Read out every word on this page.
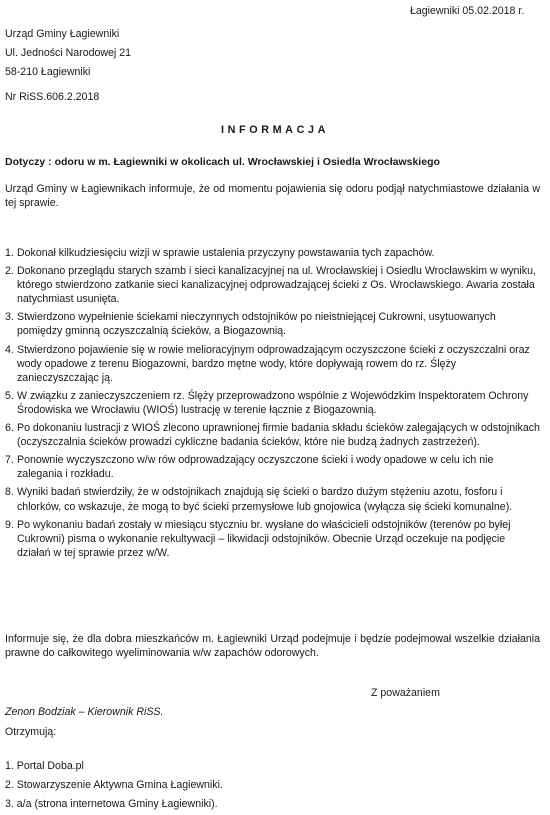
Łagiewniki 05.02.2018 r.
Urząd Gminy Łagiewniki
Ul. Jedności Narodowej 21
58-210 Łagiewniki
Nr RiSS.606.2.2018
INFORMACJA
Dotyczy : odoru w m. Łagiewniki w okolicach ul. Wrocławskiej i Osiedla Wrocławskiego
Urząd Gminy w Łagiewnikach informuje, że od momentu pojawienia się odoru podjął natychmiastowe działania w tej sprawie.
1. Dokonał kilkudziesięciu wizji w sprawie ustalenia przyczyny powstawania tych zapachów.
2. Dokonano przeglądu starych szamb i sieci kanalizacyjnej na ul. Wrocławskiej i Osiedlu Wrocławskim w wyniku, którego stwierdzono zatkanie sieci kanalizacyjnej odprowadzającej ścieki z Os. Wrocławskiego. Awaria została natychmiast usunięta.
3. Stwierdzono wypełnienie ściekami nieczynnych odstojników po nieistniejącej Cukrowni, usytuowanych pomiędzy gminną oczyszczalnią ścieków, a Biogazownią.
4. Stwierdzono pojawienie się w rowie melioracyjnym odprowadzającym oczyszczone ścieki z oczyszczalni oraz wody opadowe z terenu Biogazowni, bardzo mętne wody, które dopływają rowem do rz. Ślęży zanieczyszczając ją.
5. W związku z zanieczyszczeniem rz. Ślęży przeprowadzono wspólnie z Wojewódzkim Inspektoratem Ochrony Środowiska we Wrocławiu (WIOŚ) lustrację w terenie łącznie z Biogazownią.
6. Po dokonaniu lustracji z WIOŚ zlecono uprawnionej firmie badania składu ścieków zalegających w odstojnikach (oczyszczalnia ścieków prowadzi cykliczne badania ścieków, które nie budzą żadnych zastrzeżeń).
7. Ponownie wyczyszczono w/w rów odprowadzający oczyszczone ścieki i wody opadowe w celu ich nie zalegania i rozkładu.
8. Wyniki badań stwierdziły, że w odstojnikach znajdują się ścieki o bardzo dużym stężeniu azotu, fosforu i chlorków, co wskazuje, że mogą to być ścieki przemysłowe lub gnojowica (wyłącza się ścieki komunalne).
9. Po wykonaniu badań zostały w miesiącu styczniu br. wysłane do właścicieli odstojników (terenów po byłej Cukrowni) pisma o wykonanie rekultywacji – likwidacji odstojników. Obecnie Urząd oczekuje na podjęcie działań w tej sprawie przez w/W.
Informuje się, że dla dobra mieszkańców m. Łagiewniki Urząd podejmuje i będzie podejmował wszelkie działania prawne do całkowitego wyeliminowania w/w zapachów odorowych.
Z poważaniem
Zenon Bodziak – Kierownik RiSS.
Otrzymują:
1. Portal Doba.pl
2. Stowarzyszenie Aktywna Gmina Łagiewniki.
3. a/a (strona internetowa Gminy Łagiewniki).
